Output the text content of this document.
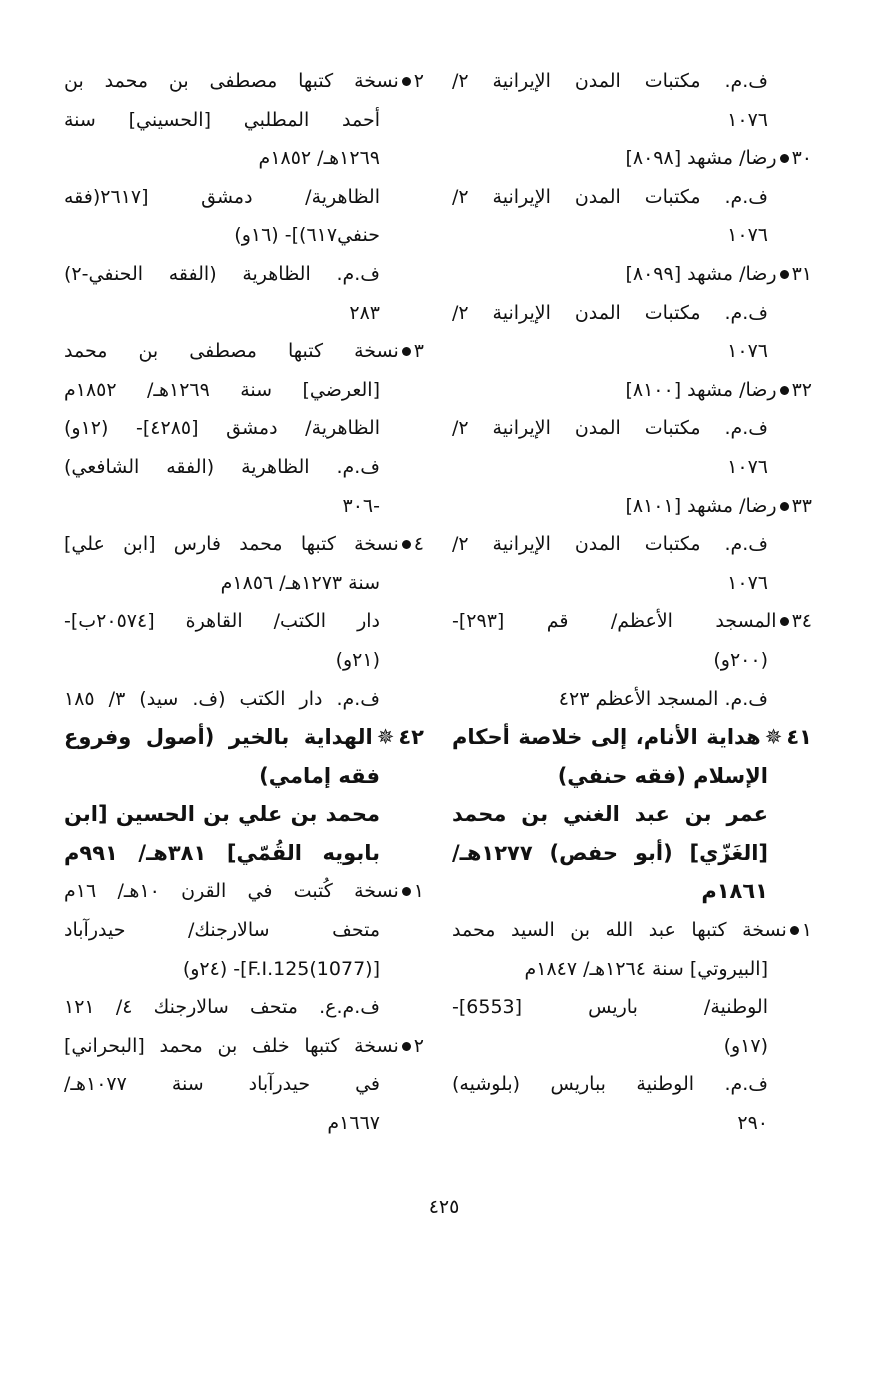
ف.م. مكتبات المدن الإيرانية ٢/
١٠٧٦
٣٠رضا/ مشهد [٨٠٩٨]
ف.م. مكتبات المدن الإيرانية ٢/
١٠٧٦
٣١رضا/ مشهد [٨٠٩٩]
ف.م. مكتبات المدن الإيرانية ٢/
١٠٧٦
٣٢رضا/ مشهد [٨١٠٠]
ف.م. مكتبات المدن الإيرانية ٢/
١٠٧٦
٣٣رضا/ مشهد [٨١٠١]
ف.م. مكتبات المدن الإيرانية ٢/
١٠٧٦
٣٤المسجد الأعظم/ قم [٢٩٣]-
(٢٠٠و)
ف.م. المسجد الأعظم ٤٢٣
٤١✵هداية الأنام، إلى خلاصة أحكام
الإسلام (فقه حنفي)
عمر بن عبد الغني بن محمد
[الغَزّي] (أبو حفص) ١٢٧٧هـ/
١٨٦١م
١نسخة كتبها عبد الله بن السيد محمد
[البيروتي] سنة ١٢٦٤هـ/ ١٨٤٧م
الوطنية/ باريس [6553]-
(١٧و)
ف.م. الوطنية بباريس (بلوشيه)
٢٩٠
٢نسخة كتبها مصطفى بن محمد بن
أحمد المطلبي [الحسيني] سنة
١٢٦٩هـ/ ١٨٥٢م
الظاهرية/ دمشق [٢٦١٧(فقه
حنفي٦١٧)]- (١٦و)
ف.م. الظاهرية (الفقه الحنفي-٢)
٢٨٣
٣نسخة كتبها مصطفى بن محمد
[العرضي] سنة ١٢٦٩هـ/ ١٨٥٢م
الظاهرية/ دمشق [٤٢٨٥]- (١٢و)
ف.م. الظاهرية (الفقه الشافعي)
-٣٠٦
٤نسخة كتبها محمد فارس [ابن علي]
سنة ١٢٧٣هـ/ ١٨٥٦م
دار الكتب/ القاهرة [٢٠٥٧٤ب]-
(٢١و)
ف.م. دار الكتب (ف. سيد) ٣/ ١٨٥
٤٢✵الهداية بالخير (أصول وفروع
فقه إمامي)
محمد بن علي بن الحسين [ابن
بابويه القُمّي] ٣٨١هـ/ ٩٩١م
١نسخة كُتبت في القرن ١٠هـ/ ١٦م
متحف سالارجنك/ حيدرآباد
[F.I.125(1077)]- (٢٤و)
ف.م.ع. متحف سالارجنك ٤/ ١٢١
٢نسخة كتبها خلف بن محمد [البحراني]
في حيدرآباد سنة ١٠٧٧هـ/
١٦٦٧م
٤٢٥
